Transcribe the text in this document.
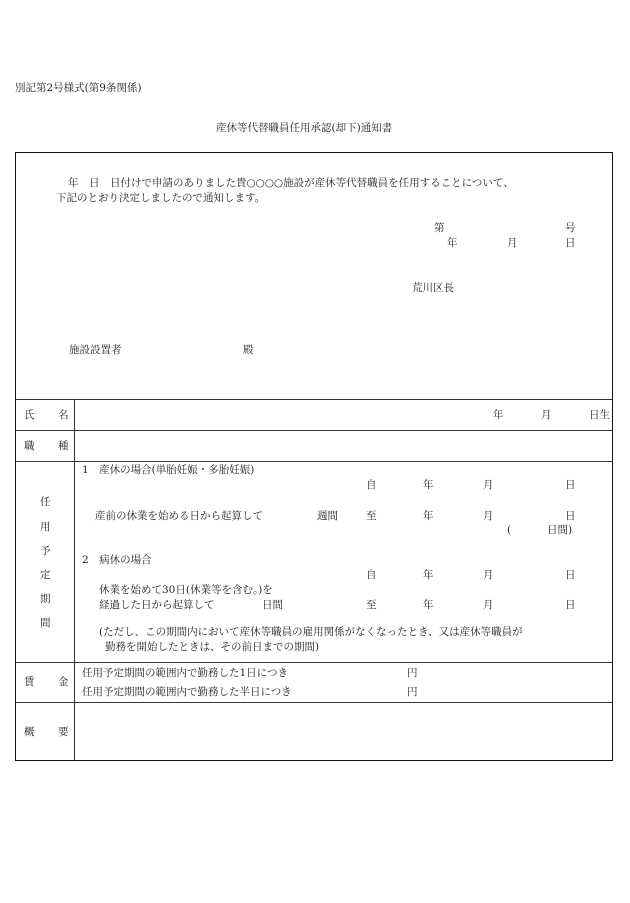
別記第2号様式(第9条関係)
産休等代替職員任用承認(却下)通知書
年　日　日付けで申請のありました貴○○○○施設が産休等代替職員を任用することについて、
下記のとおり決定しましたので通知します。
第	号
年	月	日
荒川区長
施設設置者	殿
氏 名	年	月	日生
職 種
任
用
予
定
期
間
1　産休の場合(単胎妊娠・多胎妊娠)
自	年	月	日
産前の休業を始める日から起算して	週間	至	年	月	日
(	日間)
2　病休の場合
自	年	月	日
休業を始めて30日(休業等を含む。)を
経過した日から起算して	日間	至	年	月	日
(ただし、この期間内において産休等職員の雇用関係がなくなったとき、又は産休等職員が
勤務を開始したときは、その前日までの期間)
賃 金
任用予定期間の範囲内で勤務した1日につき	円
任用予定期間の範囲内で勤務した半日につき	円
概 要
